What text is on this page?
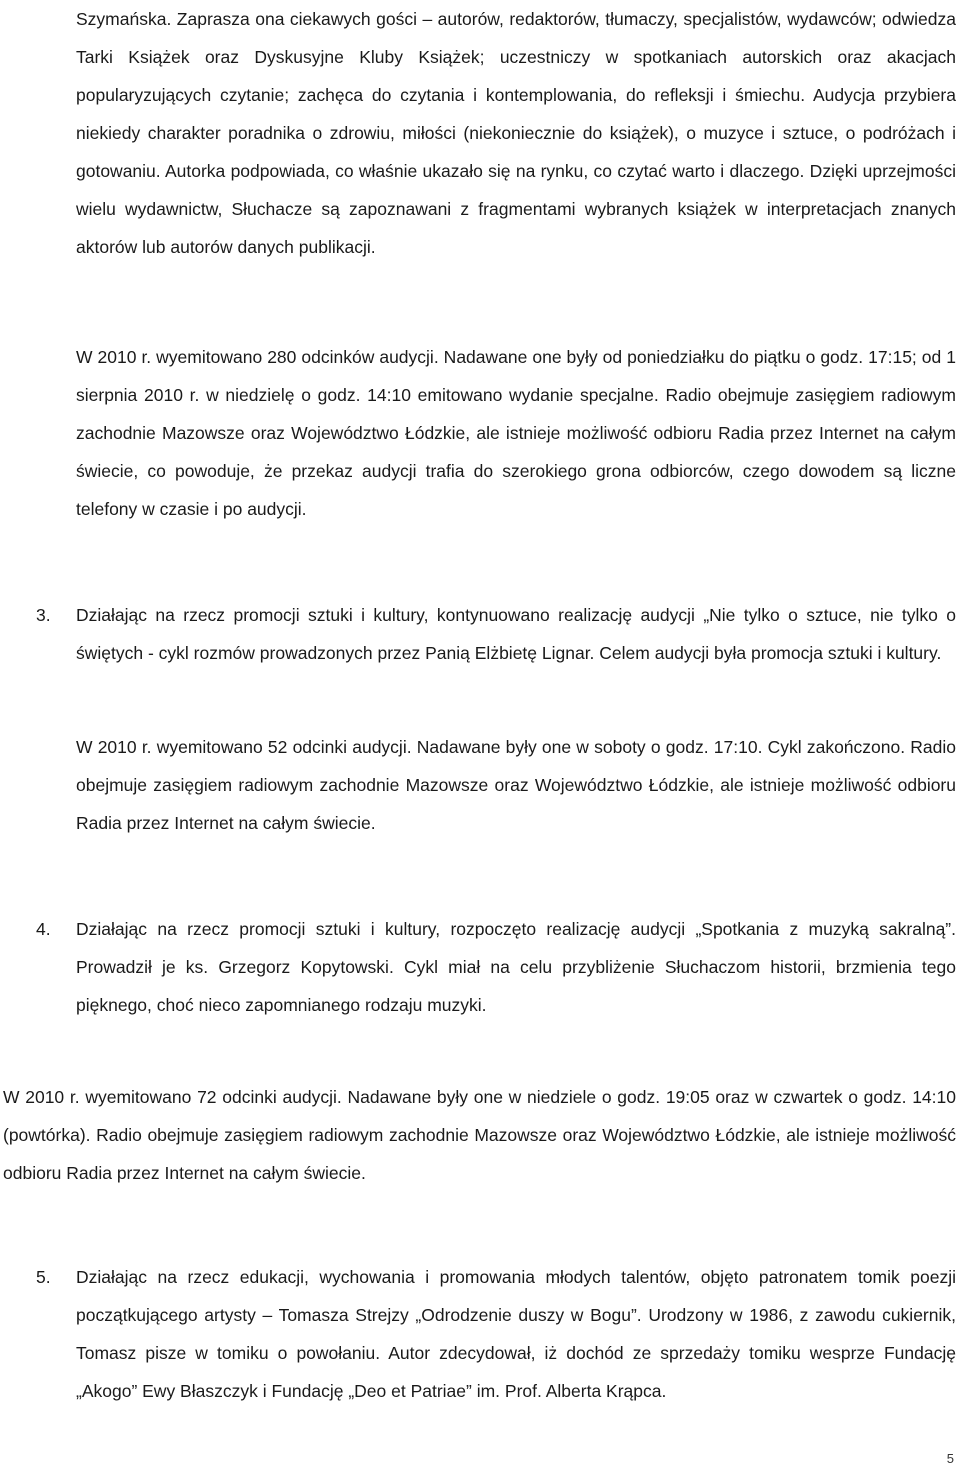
Szymańska. Zaprasza ona ciekawych gości – autorów, redaktorów, tłumaczy, specjalistów, wydawców; odwiedza Tarki Książek oraz Dyskusyjne Kluby Książek; uczestniczy w spotkaniach autorskich oraz akacjach popularyzujących czytanie; zachęca do czytania i kontemplowania, do refleksji i śmiechu. Audycja przybiera niekiedy charakter poradnika o zdrowiu, miłości (niekoniecznie do książek), o muzyce i sztuce, o podróżach i gotowaniu. Autorka podpowiada, co właśnie ukazało się na rynku, co czytać warto i dlaczego. Dzięki uprzejmości wielu wydawnictw, Słuchacze są zapoznawani z fragmentami wybranych książek w interpretacjach znanych aktorów lub autorów danych publikacji.

W 2010 r. wyemitowano 280 odcinków audycji. Nadawane one były od poniedziałku do piątku o godz. 17:15; od 1 sierpnia 2010 r. w niedzielę o godz. 14:10 emitowano wydanie specjalne. Radio obejmuje zasięgiem radiowym zachodnie Mazowsze oraz Województwo Łódzkie, ale istnieje możliwość odbioru Radia przez Internet na całym świecie, co powoduje, że przekaz audycji trafia do szerokiego grona odbiorców, czego dowodem są liczne telefony w czasie i po audycji.

3. Działając na rzecz promocji sztuki i kultury, kontynuowano realizację audycji „Nie tylko o sztuce, nie tylko o świętych - cykl rozmów prowadzonych przez Panią Elżbietę Lignar. Celem audycji była promocja sztuki i kultury.

W 2010 r. wyemitowano 52 odcinki audycji. Nadawane były one w soboty o godz. 17:10. Cykl zakończono. Radio obejmuje zasięgiem radiowym zachodnie Mazowsze oraz Województwo Łódzkie, ale istnieje możliwość odbioru Radia przez Internet na całym świecie.

4. Działając na rzecz promocji sztuki i kultury, rozpoczęto realizację audycji „Spotkania z muzyką sakralną”. Prowadził je ks. Grzegorz Kopytowski. Cykl miał na celu przybliżenie Słuchaczom historii, brzmienia tego pięknego, choć nieco zapomnianego rodzaju muzyki.

W 2010 r. wyemitowano 72 odcinki audycji. Nadawane były one w niedziele o godz. 19:05 oraz w czwartek o godz. 14:10 (powtórka). Radio obejmuje zasięgiem radiowym zachodnie Mazowsze oraz Województwo Łódzkie, ale istnieje możliwość odbioru Radia przez Internet na całym świecie.

5. Działając na rzecz edukacji, wychowania i promowania młodych talentów, objęto patronatem tomik poezji początkującego artysty – Tomasza Strejzy „Odrodzenie duszy w Bogu”. Urodzony w 1986, z zawodu cukiernik, Tomasz pisze w tomiku o powołaniu. Autor zdecydował, iż dochód ze sprzedaży tomiku wesprze Fundację „Akogo” Ewy Błaszczyk i Fundację „Deo et Patriae” im. Prof. Alberta Krąpca.

5
